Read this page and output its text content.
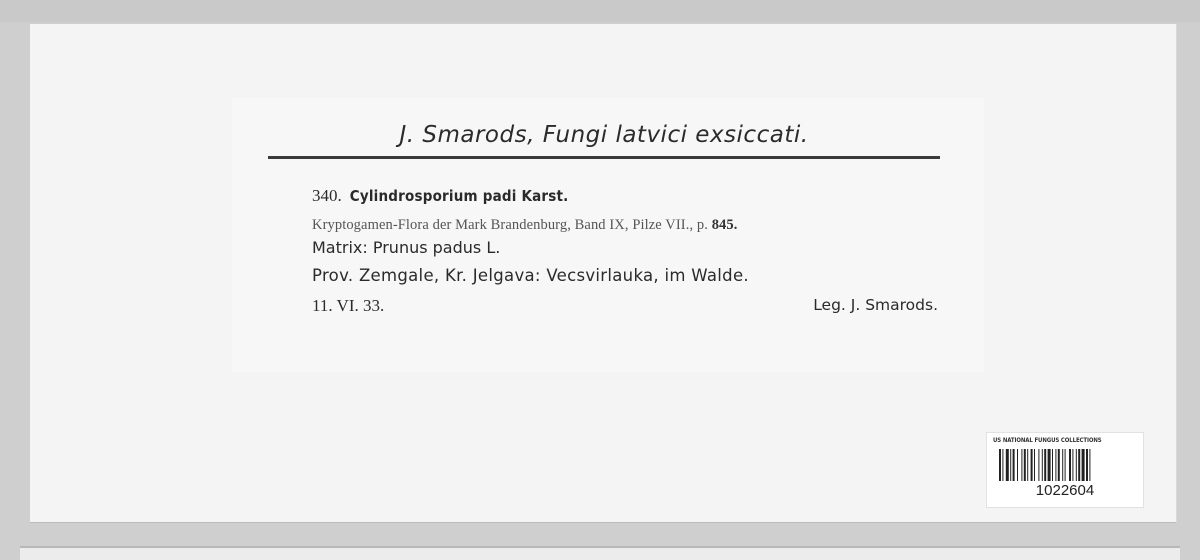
J. Smarods, Fungi latvici exsiccati.
340. Cylindrosporium padi Karst.
Kryptogamen-Flora der Mark Brandenburg, Band IX, Pilze VII., p. 845.
Matrix: Prunus padus L.
Prov. Zemgale, Kr. Jelgava: Vecsvirlauka, im Walde.
11. VI. 33.	Leg. J. Smarods.
US NATIONAL FUNGUS COLLECTIONS
1022604
